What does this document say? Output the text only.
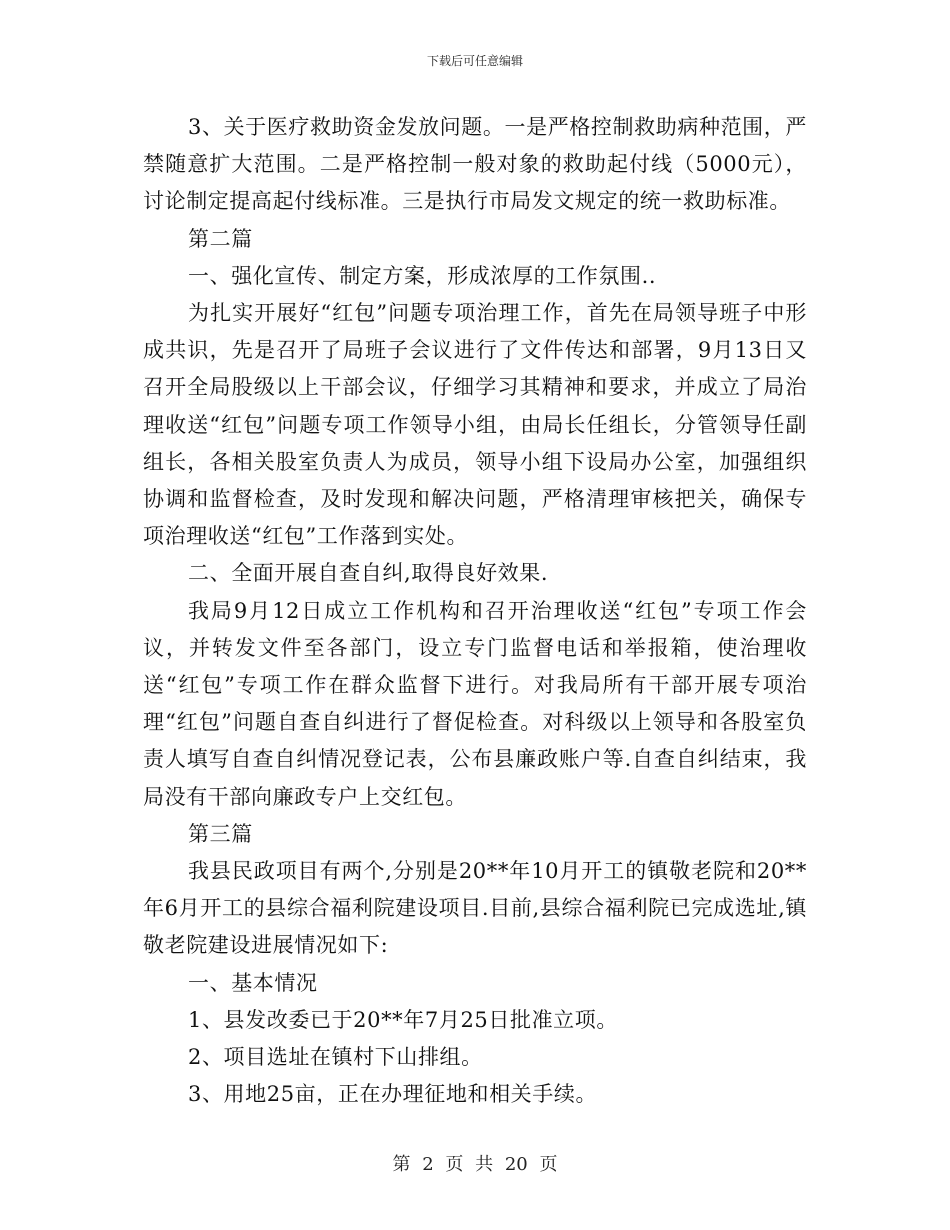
下载后可任意编辑

3、关于医疗救助资金发放问题。一是严格控制救助病种范围，严禁随意扩大范围。二是严格控制一般对象的救助起付线（5000元），讨论制定提高起付线标准。三是执行市局发文规定的统一救助标准。

第二篇

一、强化宣传、制定方案，形成浓厚的工作氛围..

为扎实开展好“红包”问题专项治理工作，首先在局领导班子中形成共识，先是召开了局班子会议进行了文件传达和部署，9月13日又召开全局股级以上干部会议，仔细学习其精神和要求，并成立了局治理收送“红包”问题专项工作领导小组，由局长任组长，分管领导任副组长，各相关股室负责人为成员，领导小组下设局办公室，加强组织协调和监督检查，及时发现和解决问题，严格清理审核把关，确保专项治理收送“红包”工作落到实处。

二、全面开展自查自纠,取得良好效果.

我局9月12日成立工作机构和召开治理收送“红包”专项工作会议，并转发文件至各部门，设立专门监督电话和举报箱，使治理收送“红包”专项工作在群众监督下进行。对我局所有干部开展专项治理“红包”问题自查自纠进行了督促检查。对科级以上领导和各股室负责人填写自查自纠情况登记表，公布县廉政账户等.自查自纠结束，我局没有干部向廉政专户上交红包。

第三篇

我县民政项目有两个,分别是20**年10月开工的镇敬老院和20**年6月开工的县综合福利院建设项目.目前,县综合福利院已完成选址,镇敬老院建设进展情况如下:

一、基本情况

1、县发改委已于20**年7月25日批准立项。

2、项目选址在镇村下山排组。

3、用地25亩，正在办理征地和相关手续。

第 2 页 共 20 页
